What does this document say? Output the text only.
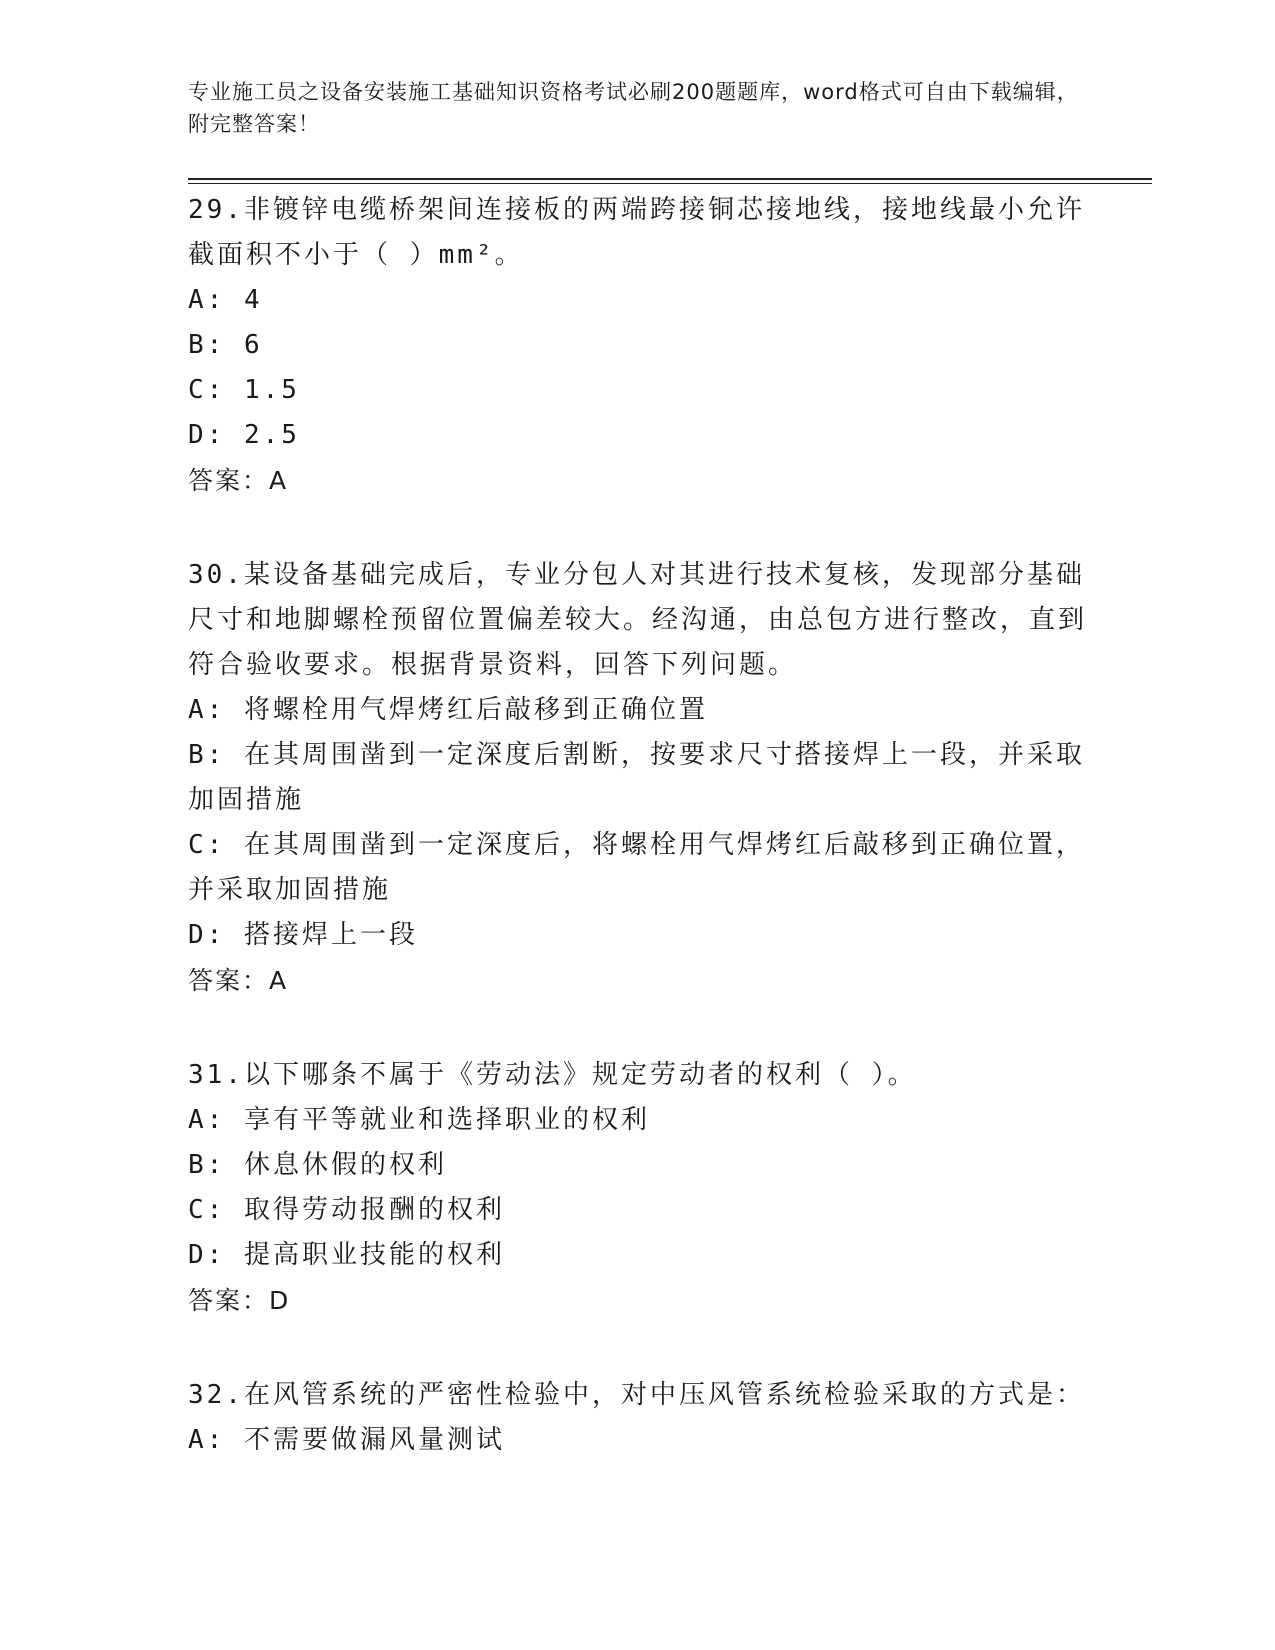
专业施工员之设备安装施工基础知识资格考试必刷200题题库，word格式可自由下载编辑，附完整答案！

29.非镀锌电缆桥架间连接板的两端跨接铜芯接地线，接地线最小允许截面积不小于（ ）mm²。

A: 4

B: 6

C: 1.5

D: 2.5

答案：A

30.某设备基础完成后，专业分包人对其进行技术复核，发现部分基础尺寸和地脚螺栓预留位置偏差较大。经沟通，由总包方进行整改，直到符合验收要求。根据背景资料，回答下列问题。

A: 将螺栓用气焊烤红后敲移到正确位置

B: 在其周围凿到一定深度后割断，按要求尺寸搭接焊上一段，并采取加固措施

C: 在其周围凿到一定深度后，将螺栓用气焊烤红后敲移到正确位置，并采取加固措施

D: 搭接焊上一段

答案：A

31.以下哪条不属于《劳动法》规定劳动者的权利（ ）。

A: 享有平等就业和选择职业的权利

B: 休息休假的权利

C: 取得劳动报酬的权利

D: 提高职业技能的权利

答案：D

32.在风管系统的严密性检验中，对中压风管系统检验采取的方式是：

A: 不需要做漏风量测试
